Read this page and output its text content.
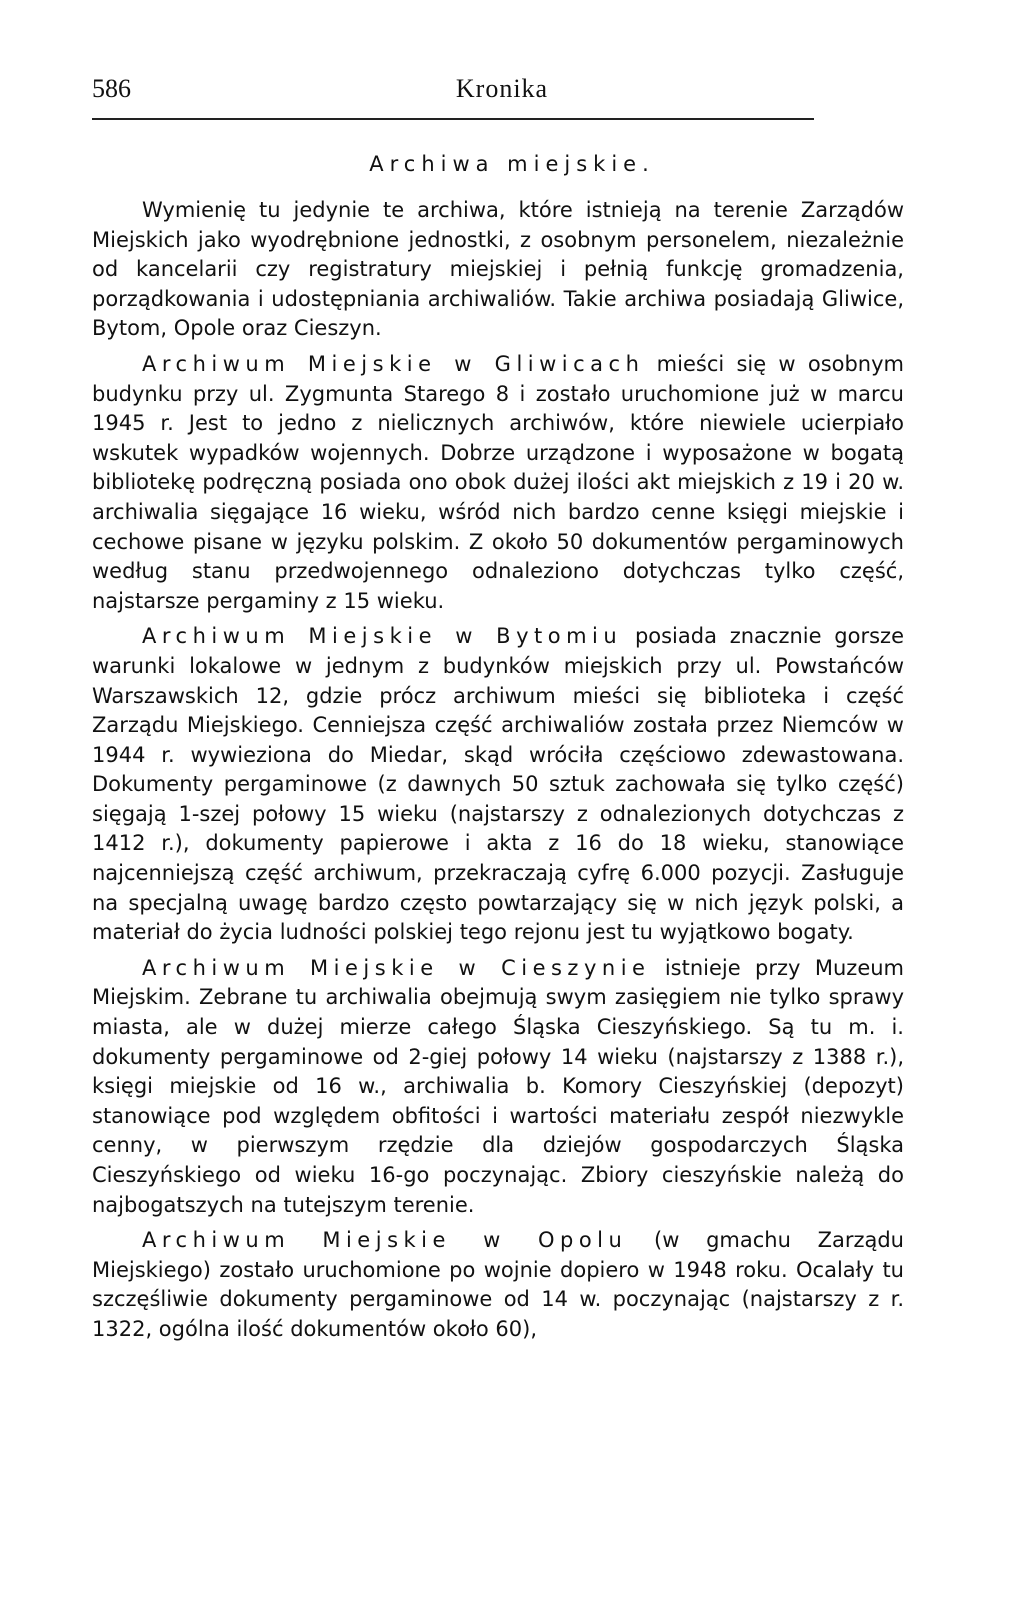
586	Kronika
Archiwa miejskie.

Wymienię tu jedynie te archiwa, które istnieją na terenie Zarządów Miejskich jako wyodrębnione jednostki, z osobnym personelem, niezależnie od kancelarii czy registratury miejskiej i pełnią funkcję gromadzenia, porządkowania i udostępniania archiwaliów. Takie archiwa posiadają Gliwice, Bytom, Opole oraz Cieszyn.

Archiwum Miejskie w Gliwicach mieści się w osobnym budynku przy ul. Zygmunta Starego 8 i zostało uruchomione już w marcu 1945 r. Jest to jedno z nielicznych archiwów, które niewiele ucierpiało wskutek wypadków wojennych. Dobrze urządzone i wyposażone w bogatą bibliotekę podręczną posiada ono obok dużej ilości akt miejskich z 19 i 20 w. archiwalia sięgające 16 wieku, wśród nich bardzo cenne księgi miejskie i cechowe pisane w języku polskim. Z około 50 dokumentów pergaminowych według stanu przedwojennego odnaleziono dotychczas tylko część, najstarsze pergaminy z 15 wieku.

Archiwum Miejskie w Bytomiu posiada znacznie gorsze warunki lokalowe w jednym z budynków miejskich przy ul. Powstańców Warszawskich 12, gdzie prócz archiwum mieści się biblioteka i część Zarządu Miejskiego. Cenniejsza część archiwaliów została przez Niemców w 1944 r. wywieziona do Miedar, skąd wróciła częściowo zdewastowana. Dokumenty pergaminowe (z dawnych 50 sztuk zachowała się tylko część) sięgają 1-szej połowy 15 wieku (najstarszy z odnalezionych dotychczas z 1412 r.), dokumenty papierowe i akta z 16 do 18 wieku, stanowiące najcenniejszą część archiwum, przekraczają cyfrę 6.000 pozycji. Zasługuje na specjalną uwagę bardzo często powtarzający się w nich język polski, a materiał do życia ludności polskiej tego rejonu jest tu wyjątkowo bogaty.

Archiwum Miejskie w Cieszynie istnieje przy Muzeum Miejskim. Zebrane tu archiwalia obejmują swym zasięgiem nie tylko sprawy miasta, ale w dużej mierze całego Śląska Cieszyńskiego. Są tu m. i. dokumenty pergaminowe od 2-giej połowy 14 wieku (najstarszy z 1388 r.), księgi miejskie od 16 w., archiwalia b. Komory Cieszyńskiej (depozyt) stanowiące pod względem obfitości i wartości materiału zespół niezwykle cenny, w pierwszym rzędzie dla dziejów gospodarczych Śląska Cieszyńskiego od wieku 16-go poczynając. Zbiory cieszyńskie należą do najbogatszych na tutejszym terenie.

Archiwum Miejskie w Opolu (w gmachu Zarządu Miejskiego) zostało uruchomione po wojnie dopiero w 1948 roku. Ocalały tu szczęśliwie dokumenty pergaminowe od 14 w. poczynając (najstarszy z r. 1322, ogólna ilość dokumentów około 60),
